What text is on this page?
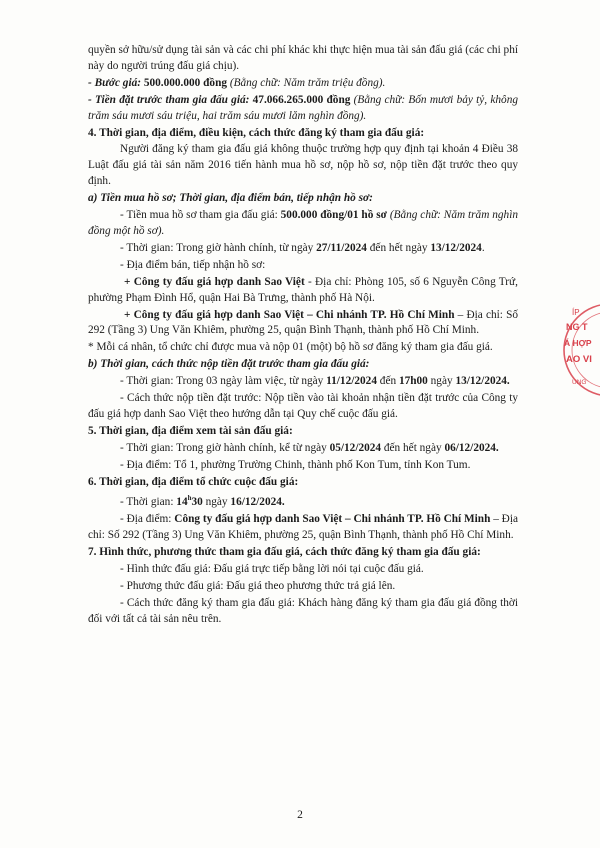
quyền sở hữu/sử dụng tài sản và các chi phí khác khi thực hiện mua tài sản đấu giá (các chi phí này do người trúng đấu giá chịu).

- Bước giá: 500.000.000 đồng (Bằng chữ: Năm trăm triệu đồng).

- Tiền đặt trước tham gia đấu giá: 47.066.265.000 đồng (Bằng chữ: Bốn mươi bảy tỷ, không trăm sáu mươi sáu triệu, hai trăm sáu mươi lăm nghìn đồng).

4. Thời gian, địa điểm, điều kiện, cách thức đăng ký tham gia đấu giá:

Người đăng ký tham gia đấu giá không thuộc trường hợp quy định tại khoản 4 Điều 38 Luật đấu giá tài sản năm 2016 tiến hành mua hồ sơ, nộp hồ sơ, nộp tiền đặt trước theo quy định.

a) Tiền mua hồ sơ; Thời gian, địa điểm bán, tiếp nhận hồ sơ:

- Tiền mua hồ sơ tham gia đấu giá: 500.000 đồng/01 hồ sơ (Bằng chữ: Năm trăm nghìn đồng một hồ sơ).

- Thời gian: Trong giờ hành chính, từ ngày 27/11/2024 đến hết ngày 13/12/2024.

- Địa điểm bán, tiếp nhận hồ sơ:

+ Công ty đấu giá hợp danh Sao Việt - Địa chỉ: Phòng 105, số 6 Nguyễn Công Trứ, phường Phạm Đình Hổ, quận Hai Bà Trưng, thành phố Hà Nội.

+ Công ty đấu giá hợp danh Sao Việt – Chi nhánh TP. Hồ Chí Minh – Địa chỉ: Số 292 (Tầng 3) Ung Văn Khiêm, phường 25, quận Bình Thạnh, thành phố Hồ Chí Minh.

* Mỗi cá nhân, tổ chức chỉ được mua và nộp 01 (một) bộ hồ sơ đăng ký tham gia đấu giá.

b) Thời gian, cách thức nộp tiền đặt trước tham gia đấu giá:

- Thời gian: Trong 03 ngày làm việc, từ ngày 11/12/2024 đến 17h00 ngày 13/12/2024.

- Cách thức nộp tiền đặt trước: Nộp tiền vào tài khoản nhận tiền đặt trước của Công ty đấu giá hợp danh Sao Việt theo hướng dẫn tại Quy chế cuộc đấu giá.

5. Thời gian, địa điểm xem tài sản đấu giá:

- Thời gian: Trong giờ hành chính, kể từ ngày 05/12/2024 đến hết ngày 06/12/2024.

- Địa điểm: Tổ 1, phường Trường Chinh, thành phố Kon Tum, tỉnh Kon Tum.

6. Thời gian, địa điểm tổ chức cuộc đấu giá:

- Thời gian: 14$^h$30 ngày 16/12/2024.

- Địa điểm: Công ty đấu giá hợp danh Sao Việt – Chi nhánh TP. Hồ Chí Minh – Địa chỉ: Số 292 (Tầng 3) Ung Văn Khiêm, phường 25, quận Bình Thạnh, thành phố Hồ Chí Minh.

7. Hình thức, phương thức tham gia đấu giá, cách thức đăng ký tham gia đấu giá:

- Hình thức đấu giá: Đấu giá trực tiếp bằng lời nói tại cuộc đấu giá.

- Phương thức đấu giá: Đấu giá theo phương thức trả giá lên.

- Cách thức đăng ký tham gia đấu giá: Khách hàng đăng ký tham gia đấu giá đồng thời đối với tất cả tài sản nêu trên.

2
ÍP
NG T
Á HỢP
AO VI
UNG
